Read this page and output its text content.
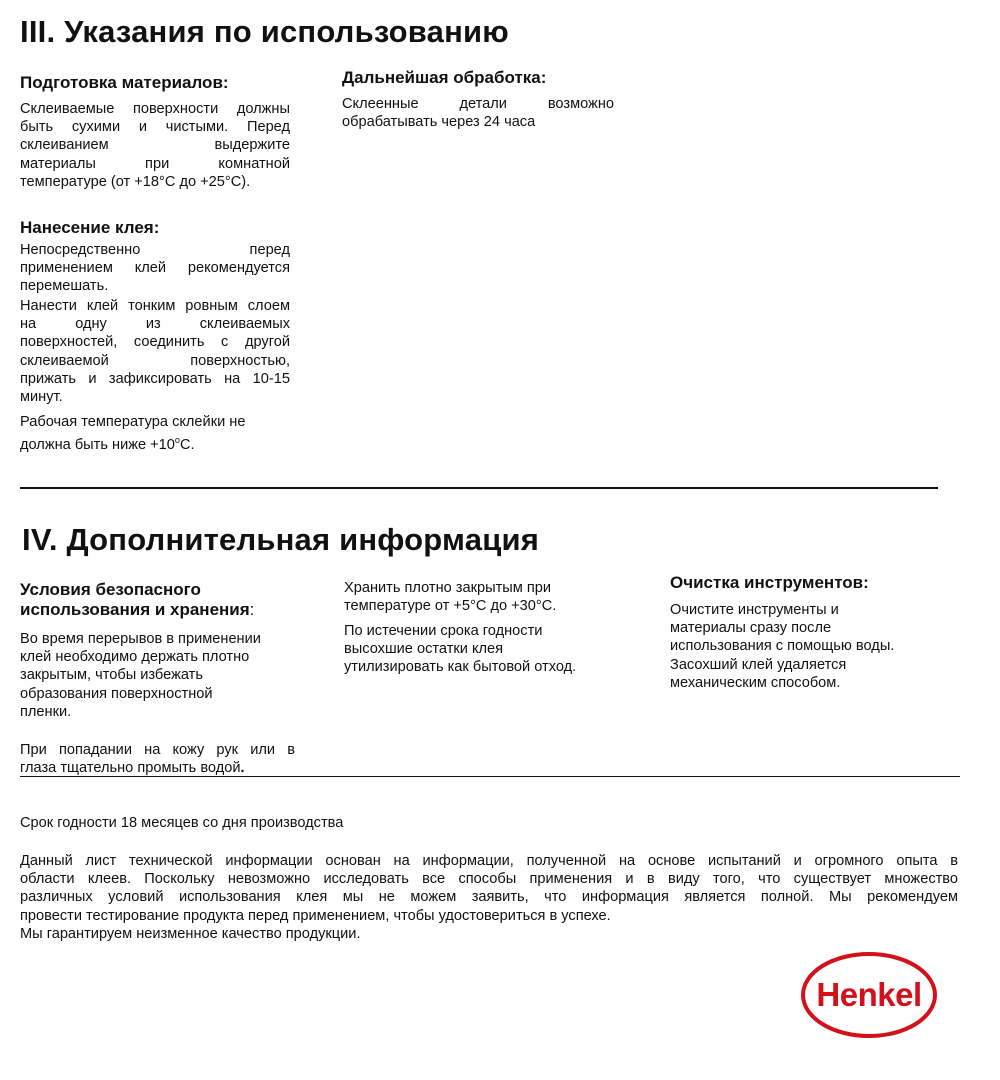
III. Указания по использованию
Подготовка материалов:
Склеиваемые поверхности должны
быть сухими и чистыми. Перед
склеиванием выдержите
материалы при комнатной
температуре (от +18°С до +25°С).
Нанесение клея:
Непосредственно перед
применением клей рекомендуется
перемешать.
Нанести клей тонким ровным слоем
на одну из склеиваемых
поверхностей, соединить с другой
склеиваемой поверхностью,
прижать и зафиксировать на 10-15
минут.
Рабочая температура склейки не
должна быть ниже $+10^oС$.
Дальнейшая обработка:
Склеенные детали возможно
обрабатывать через 24 часа
IV. Дополнительная информация
Условия безопасного
использования и хранения:
Во время перерывов в применении
клей необходимо держать плотно
закрытым, чтобы избежать
образования поверхностной
пленки.
При попадании на кожу рук или в
глаза тщательно промыть водой.
Хранить плотно закрытым при
температуре от +5°С до +30°С.
По истечении срока годности
высохшие остатки клея
утилизировать как бытовой отход.
Очистка инструментов:
Очистите инструменты и
материалы сразу после
использования с помощью воды.
Засохший клей удаляется
механическим способом.

Срок годности 18 месяцев со дня производства

Данный лист технической информации основан на информации, полученной на основе испытаний и огромного опыта в
области клеев. Поскольку невозможно исследовать все способы применения и в виду того, что существует множество
различных условий использования клея мы не можем заявить, что информация является полной. Мы рекомендуем
провести тестирование продукта перед применением, чтобы удостовериться в успехе.
Мы гарантируем неизменное качество продукции.
Henkel
